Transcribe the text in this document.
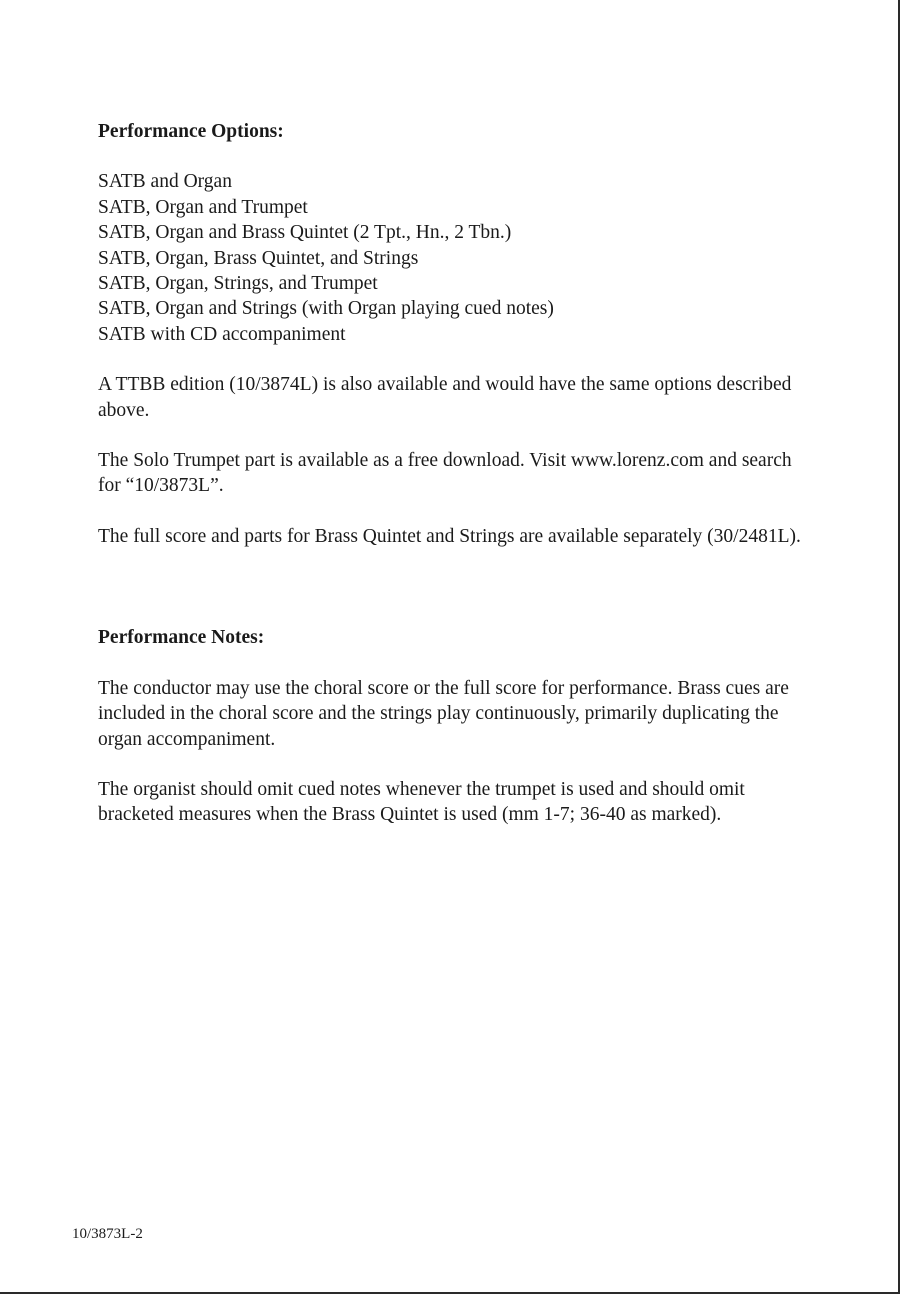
Performance Options:

SATB and Organ
SATB, Organ and Trumpet
SATB, Organ and Brass Quintet (2 Tpt., Hn., 2 Tbn.)
SATB, Organ, Brass Quintet, and Strings
SATB, Organ, Strings, and Trumpet
SATB, Organ and Strings (with Organ playing cued notes)
SATB with CD accompaniment

A TTBB edition (10/3874L) is also available and would have the same options described above.

The Solo Trumpet part is available as a free download. Visit www.lorenz.com and search for “10/3873L”.

The full score and parts for Brass Quintet and Strings are available separately (30/2481L).

Performance Notes:

The conductor may use the choral score or the full score for performance. Brass cues are included in the choral score and the strings play continuously, primarily duplicating the organ accompaniment.

The organist should omit cued notes whenever the trumpet is used and should omit bracketed measures when the Brass Quintet is used (mm 1-7; 36-40 as marked).

10/3873L-2
